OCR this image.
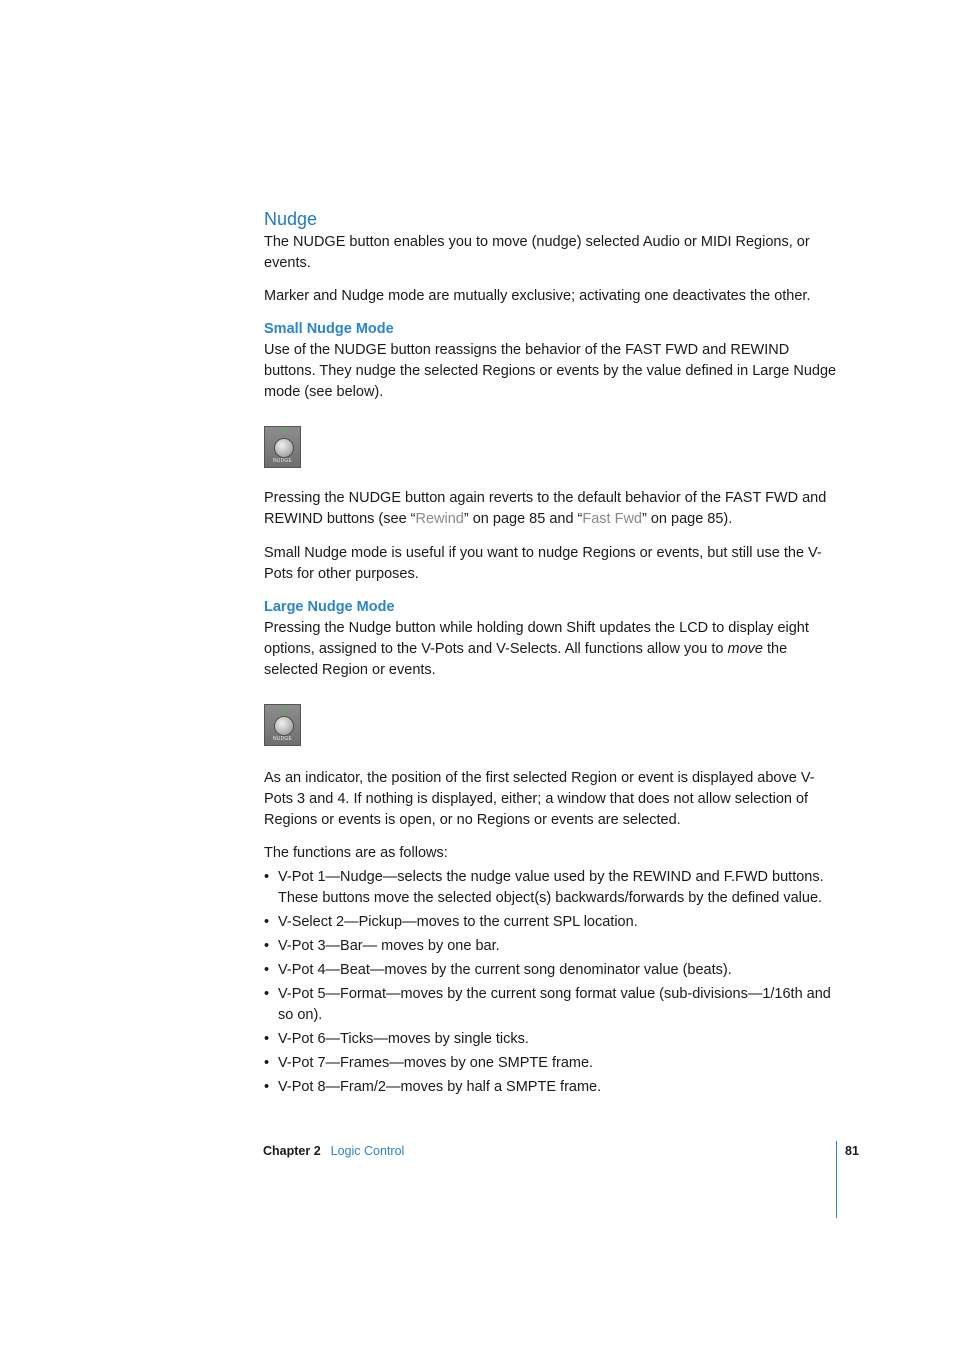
Nudge

The NUDGE button enables you to move (nudge) selected Audio or MIDI Regions, or events.

Marker and Nudge mode are mutually exclusive; activating one deactivates the other.

Small Nudge Mode

Use of the NUDGE button reassigns the behavior of the FAST FWD and REWIND buttons. They nudge the selected Regions or events by the value defined in Large Nudge mode (see below).

NUDGE

Pressing the NUDGE button again reverts to the default behavior of the FAST FWD and REWIND buttons (see “Rewind” on page 85 and “Fast Fwd” on page 85).

Small Nudge mode is useful if you want to nudge Regions or events, but still use the V-Pots for other purposes.

Large Nudge Mode

Pressing the Nudge button while holding down Shift updates the LCD to display eight options, assigned to the V-Pots and V-Selects. All functions allow you to move the selected Region or events.

NUDGE

As an indicator, the position of the first selected Region or event is displayed above V-Pots 3 and 4. If nothing is displayed, either; a window that does not allow selection of Regions or events is open, or no Regions or events are selected.

The functions are as follows:

• V-Pot 1—Nudge—selects the nudge value used by the REWIND and F.FWD buttons. These buttons move the selected object(s) backwards/forwards by the defined value.
• V-Select 2—Pickup—moves to the current SPL location.
• V-Pot 3—Bar— moves by one bar.
• V-Pot 4—Beat—moves by the current song denominator value (beats).
• V-Pot 5—Format—moves by the current song format value (sub-divisions—1/16th and so on).
• V-Pot 6—Ticks—moves by single ticks.
• V-Pot 7—Frames—moves by one SMPTE frame.
• V-Pot 8—Fram/2—moves by half a SMPTE frame.
Chapter 2 Logic Control	81
